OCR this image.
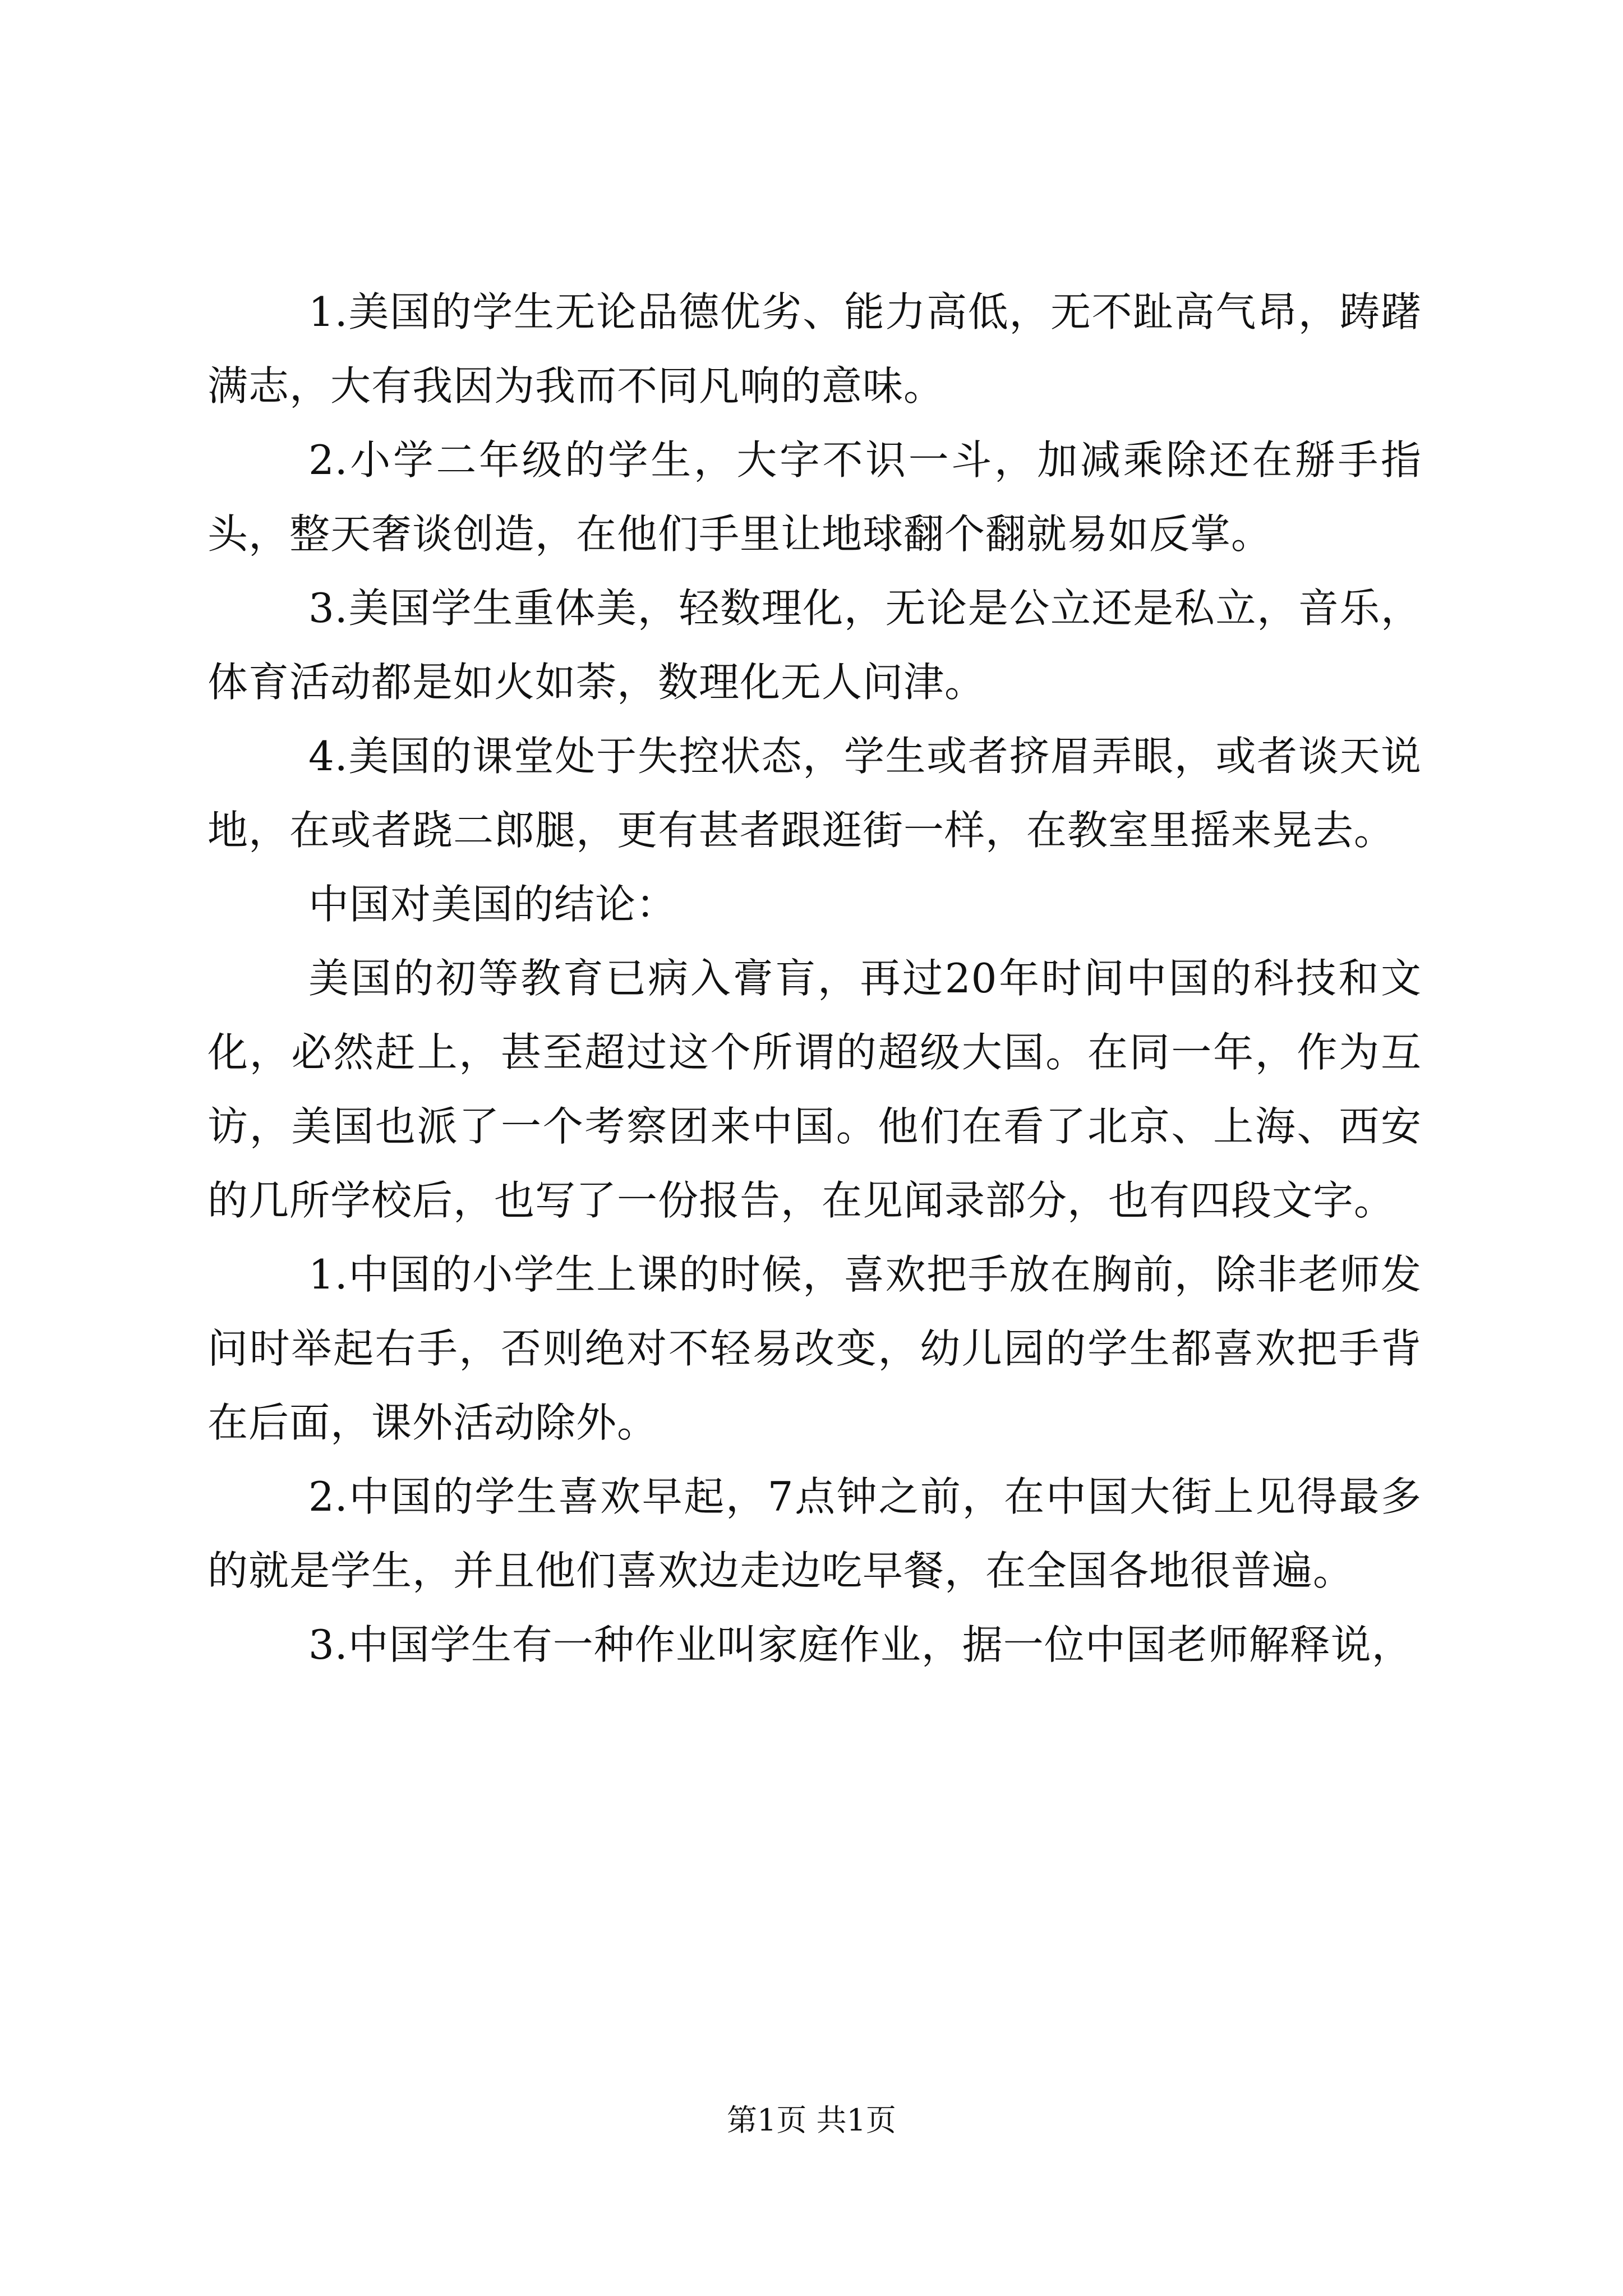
1.美国的学生无论品德优劣、能力高低，无不趾高气昂，踌躇满志，大有我因为我而不同凡响的意味。

2.小学二年级的学生，大字不识一斗，加减乘除还在掰手指头，整天奢谈创造，在他们手里让地球翻个翻就易如反掌。

3.美国学生重体美，轻数理化，无论是公立还是私立，音乐，体育活动都是如火如荼，数理化无人问津。

4.美国的课堂处于失控状态，学生或者挤眉弄眼，或者谈天说地，在或者跷二郎腿，更有甚者跟逛街一样，在教室里摇来晃去。

中国对美国的结论：

美国的初等教育已病入膏肓，再过20年时间中国的科技和文化，必然赶上，甚至超过这个所谓的超级大国。在同一年，作为互访，美国也派了一个考察团来中国。他们在看了北京、上海、西安的几所学校后，也写了一份报告，在见闻录部分，也有四段文字。

1.中国的小学生上课的时候，喜欢把手放在胸前，除非老师发问时举起右手，否则绝对不轻易改变，幼儿园的学生都喜欢把手背在后面，课外活动除外。

2.中国的学生喜欢早起，7点钟之前，在中国大街上见得最多的就是学生，并且他们喜欢边走边吃早餐，在全国各地很普遍。

3.中国学生有一种作业叫家庭作业，据一位中国老师解释说，

第1页 共1页
